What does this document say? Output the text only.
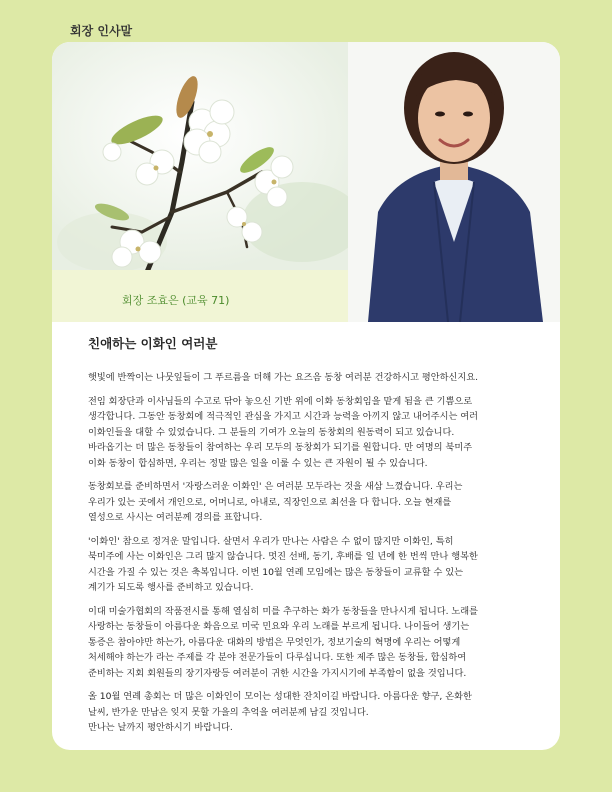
회장 인사말
회장 조효은 (교육 71)
친애하는 이화인 여러분

햇빛에 반짝이는 나뭇잎들이 그 푸르름을 더해 가는 요즈음 동창 여러분 건강하시고 평안하신지요.

전임 회장단과 이사님들의 수고로 닦아 놓으신 기반 위에 이화 동창회임을 맡게 됨을 큰 기쁨으로
생각합니다. 그동안 동창회에 적극적인 관심을 가지고 시간과 능력을 아끼지 않고 내어주시는 여러
이화인들을 대할 수 있었습니다. 그 분들의 기여가 오늘의 동창회의 원동력이 되고 있습니다.
바라옵기는 더 많은 동창들이 참여하는 우리 모두의 동창회가 되기를 원합니다. 만 여명의 북미주
이화 동창이 합심하면, 우리는 정말 많은 일을 이룰 수 있는 큰 자원이 될 수 있습니다.

동창회보를 준비하면서 '자랑스러운 이화인' 은 여러분 모두라는 것을 새삼 느꼈습니다. 우리는
우리가 있는 곳에서 개인으로, 어머니로, 아내로, 직장인으로 최선을 다 합니다. 오늘 현재를
열성으로 사시는 여러분께 경의를 표합니다.

'이화인' 참으로 정겨운 말입니다. 살면서 우리가 만나는 사람은 수 없이 많지만 이화인, 특히
북미주에 사는 이화인은 그리 많지 않습니다. 멋진 선배, 동기, 후배를 일 년에 한 번씩 만나 행복한
시간을 가질 수 있는 것은 축복입니다. 이번 10월 연례 모임에는 많은 동창들이 교류할 수 있는
계기가 되도록 행사를 준비하고 있습니다.

이대 미술가협회의 작품전시를 통해 열심히 미를 추구하는 화가 동창들을 만나시게 됩니다. 노래를
사랑하는 동창들이 아름다운 화음으로 미국 민요와 우리 노래를 부르게 됩니다. 나이들어 생기는
통증은 참아야만 하는가, 아름다운 대화의 방법은 무엇인가, 정보기술의 혁명에 우리는 어떻게
처세해야 하는가 라는 주제를 각 분야 전문가들이 다루십니다. 또한 제주 많은 동창들, 합심하여
준비하는 지회 회원들의 장기자랑등 여러분이 귀한 시간을 가지시기에 부족함이 없을 것입니다.

올 10월 연례 총회는 더 많은 이화인이 모이는 성대한 잔치이길 바랍니다. 아름다운 향구, 온화한
날씨, 반가운 만남은 잊지 못할 가을의 추억을 여러분께 남길 것입니다.
만나는 날까지 평안하시기 바랍니다.
